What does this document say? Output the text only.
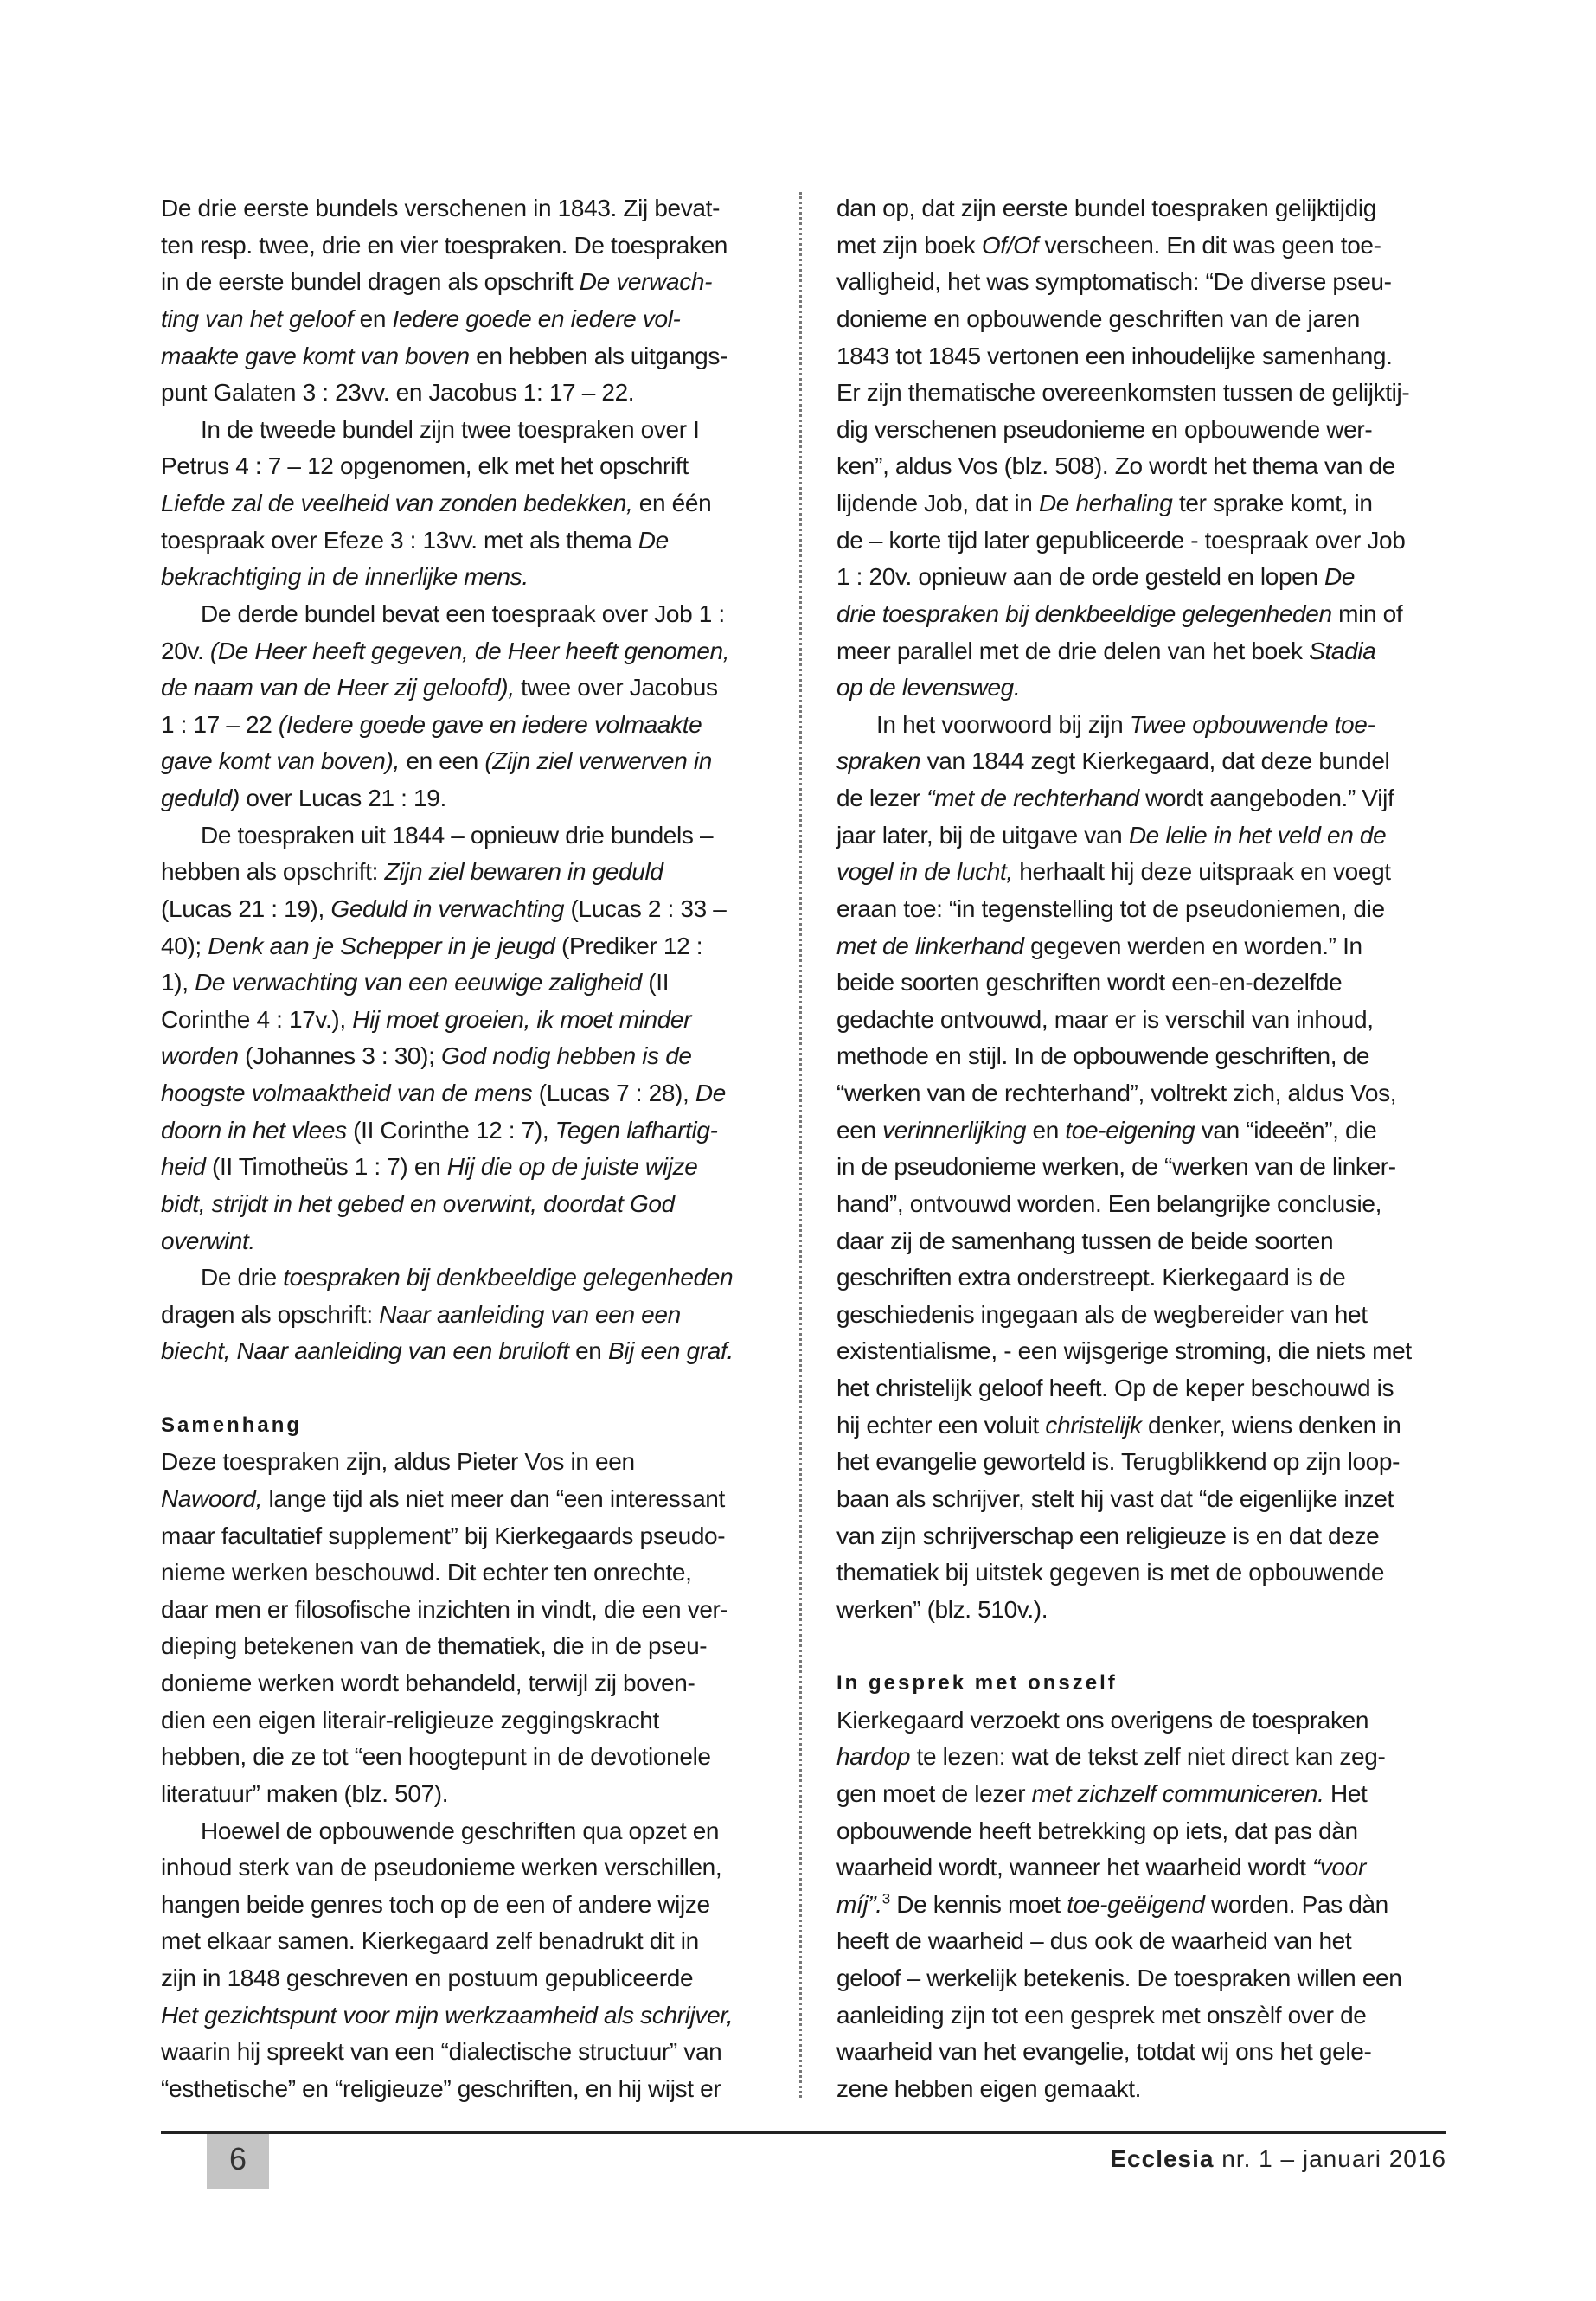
De drie eerste bundels verschenen in 1843. Zij bevat-
ten resp. twee, drie en vier toespraken. De toespraken
in de eerste bundel dragen als opschrift De verwach-
ting van het geloof en Iedere goede en iedere vol-
maakte gave komt van boven en hebben als uitgangs-
punt Galaten 3 : 23vv. en Jacobus 1: 17 – 22.
In de tweede bundel zijn twee toespraken over I
Petrus 4 : 7 – 12 opgenomen, elk met het opschrift
Liefde zal de veelheid van zonden bedekken, en één
toespraak over Efeze 3 : 13vv. met als thema De
bekrachtiging in de innerlijke mens.
De derde bundel bevat een toespraak over Job 1 :
20v. (De Heer heeft gegeven, de Heer heeft genomen,
de naam van de Heer zij geloofd), twee over Jacobus
1 : 17 – 22 (Iedere goede gave en iedere volmaakte
gave komt van boven), en een (Zijn ziel verwerven in
geduld) over Lucas 21 : 19.
De toespraken uit 1844 – opnieuw drie bundels –
hebben als opschrift: Zijn ziel bewaren in geduld
(Lucas 21 : 19), Geduld in verwachting (Lucas 2 : 33 –
40); Denk aan je Schepper in je jeugd (Prediker 12 :
1), De verwachting van een eeuwige zaligheid (II
Corinthe 4 : 17v.), Hij moet groeien, ik moet minder
worden (Johannes 3 : 30); God nodig hebben is de
hoogste volmaaktheid van de mens (Lucas 7 : 28), De
doorn in het vlees (II Corinthe 12 : 7), Tegen lafhartig-
heid (II Timotheüs 1 : 7) en Hij die op de juiste wijze
bidt, strijdt in het gebed en overwint, doordat God
overwint.
De drie toespraken bij denkbeeldige gelegenheden
dragen als opschrift: Naar aanleiding van een een
biecht, Naar aanleiding van een bruiloft en Bij een graf.
Samenhang
Deze toespraken zijn, aldus Pieter Vos in een
Nawoord, lange tijd als niet meer dan “een interessant
maar facultatief supplement” bij Kierkegaards pseudo-
nieme werken beschouwd. Dit echter ten onrechte,
daar men er filosofische inzichten in vindt, die een ver-
dieping betekenen van de thematiek, die in de pseu-
donieme werken wordt behandeld, terwijl zij boven-
dien een eigen literair-religieuze zeggingskracht
hebben, die ze tot “een hoogtepunt in de devotionele
literatuur” maken (blz. 507).
Hoewel de opbouwende geschriften qua opzet en
inhoud sterk van de pseudonieme werken verschillen,
hangen beide genres toch op de een of andere wijze
met elkaar samen. Kierkegaard zelf benadrukt dit in
zijn in 1848 geschreven en postuum gepubliceerde
Het gezichtspunt voor mijn werkzaamheid als schrijver,
waarin hij spreekt van een “dialectische structuur” van
“esthetische” en “religieuze” geschriften, en hij wijst er
dan op, dat zijn eerste bundel toespraken gelijktijdig
met zijn boek Of/Of verscheen. En dit was geen toe-
valligheid, het was symptomatisch: “De diverse pseu-
donieme en opbouwende geschriften van de jaren
1843 tot 1845 vertonen een inhoudelijke samenhang.
Er zijn thematische overeenkomsten tussen de gelijktij-
dig verschenen pseudonieme en opbouwende wer-
ken”, aldus Vos (blz. 508). Zo wordt het thema van de
lijdende Job, dat in De herhaling ter sprake komt, in
de – korte tijd later gepubliceerde - toespraak over Job
1 : 20v. opnieuw aan de orde gesteld en lopen De
drie toespraken bij denkbeeldige gelegenheden min of
meer parallel met de drie delen van het boek Stadia
op de levensweg.
In het voorwoord bij zijn Twee opbouwende toe-
spraken van 1844 zegt Kierkegaard, dat deze bundel
de lezer “met de rechterhand wordt aangeboden.” Vijf
jaar later, bij de uitgave van De lelie in het veld en de
vogel in de lucht, herhaalt hij deze uitspraak en voegt
eraan toe: “in tegenstelling tot de pseudoniemen, die
met de linkerhand gegeven werden en worden.” In
beide soorten geschriften wordt een-en-dezelfde
gedachte ontvouwd, maar er is verschil van inhoud,
methode en stijl. In de opbouwende geschriften, de
“werken van de rechterhand”, voltrekt zich, aldus Vos,
een verinnerlijking en toe-eigening van “ideeën”, die
in de pseudonieme werken, de “werken van de linker-
hand”, ontvouwd worden. Een belangrijke conclusie,
daar zij de samenhang tussen de beide soorten
geschriften extra onderstreept. Kierkegaard is de
geschiedenis ingegaan als de wegbereider van het
existentialisme, - een wijsgerige stroming, die niets met
het christelijk geloof heeft. Op de keper beschouwd is
hij echter een voluit christelijk denker, wiens denken in
het evangelie geworteld is. Terugblikkend op zijn loop-
baan als schrijver, stelt hij vast dat “de eigenlijke inzet
van zijn schrijverschap een religieuze is en dat deze
thematiek bij uitstek gegeven is met de opbouwende
werken” (blz. 510v.).
In gesprek met onszelf
Kierkegaard verzoekt ons overigens de toespraken
hardop te lezen: wat de tekst zelf niet direct kan zeg-
gen moet de lezer met zichzelf communiceren. Het
opbouwende heeft betrekking op iets, dat pas dàn
waarheid wordt, wanneer het waarheid wordt “voor
míj”.$^3$ De kennis moet toe-geëigend worden. Pas dàn
heeft de waarheid – dus ook de waarheid van het
geloof – werkelijk betekenis. De toespraken willen een
aanleiding zijn tot een gesprek met onszèlf over de
waarheid van het evangelie, totdat wij ons het gele-
zene hebben eigen gemaakt.
6	Ecclesia nr. 1 – januari 2016
